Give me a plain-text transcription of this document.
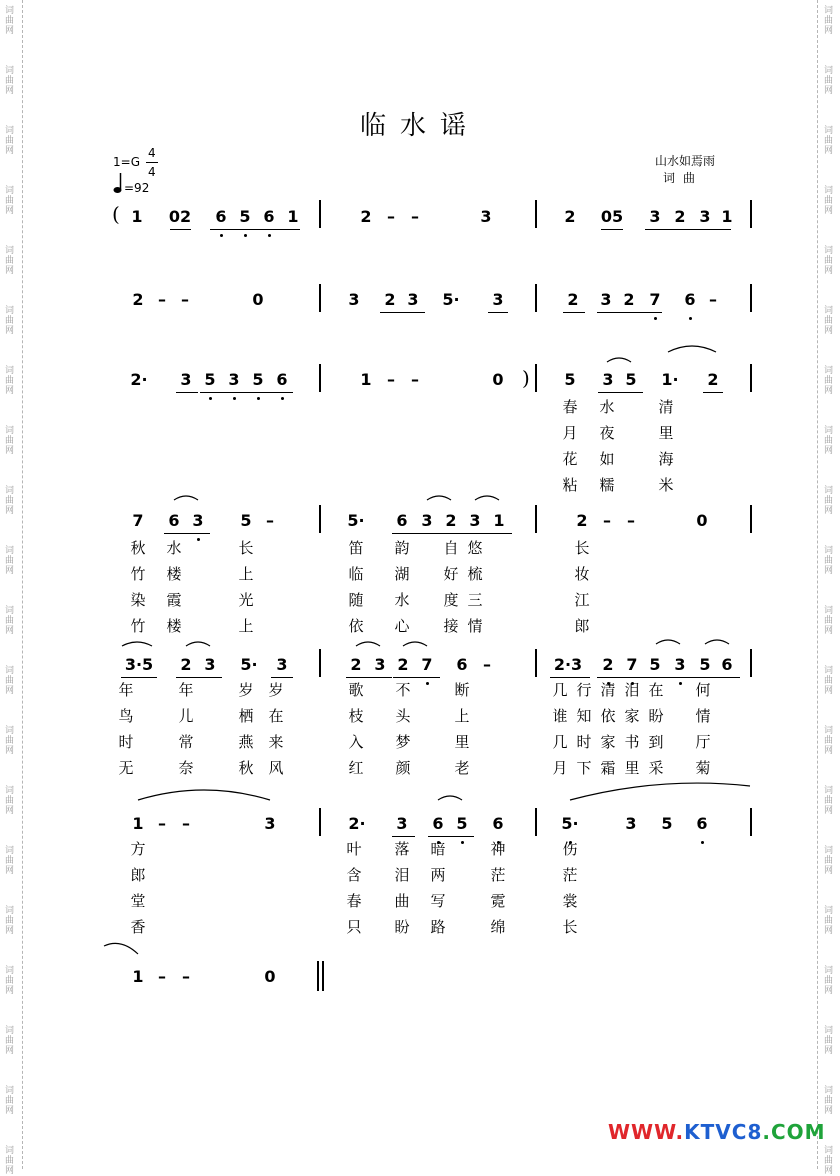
词
曲
网
词
曲
网
词
曲
网
词
曲
网
词
曲
网
词
曲
网
词
曲
网
词
曲
网
词
曲
网
词
曲
网
词
曲
网
词
曲
网
词
曲
网
词
曲
网
词
曲
网
词
曲
网
词
曲
网
词
曲
网
词
曲
网
词
曲
网
词
曲
网
词
曲
网
词
曲
网
词
曲
网
词
曲
网
词
曲
网
词
曲
网
词
曲
网
词
曲
网
词
曲
网
词
曲
网
词
曲
网
词
曲
网
词
曲
网
词
曲
网
词
曲
网
词
曲
网
词
曲
网
词
曲
网
词
曲
网
临水谣
1=G
4
4
=92
山水如焉雨
词曲
1 02 6 5 6 1	2 – –	3	2 05 3 2 3 1
2 – –	0	3 2 3 5· 3	2 3 2 7 6 –
2· 3 5 3 5 6	1 – –	0	5 3 5 1· 2
7 6 3 5 –	5· 6 3 2 3 1	2 – –	0
3·5 2 3 5· 3	2 3 2 7 6 –	2·3 2 7 5 3 5 6
1 – –	3	2· 3 6 5 6	5·	3 5 6
1 – –	0
(
)
春 水	清
月 夜	里
花 如	海
粘 糯	米
秋 水	长	笛 韵 自 悠	长
竹 楼	上	临 湖 好 梳	妆
染 霞	光	随 水 度 三	江
竹 楼	上	依 心 接 情	郎
年	年	岁 岁	歌 不	断	几 行 清 泪 在 何
鸟	儿	栖 在	枝 头	上	谁 知 依 家 盼 情
时	常	燕 来	入 梦	里	几 时 家 书 到 厅
无	奈	秋 风	红 颜	老	月 下 霜 里 采 菊
方	叶 落 暗	神	伤
郎	含 泪 两	茫	茫
堂	春 曲 写	霓	裳
香	只 盼 路	绵	长
WWW.KTVC8.COM
